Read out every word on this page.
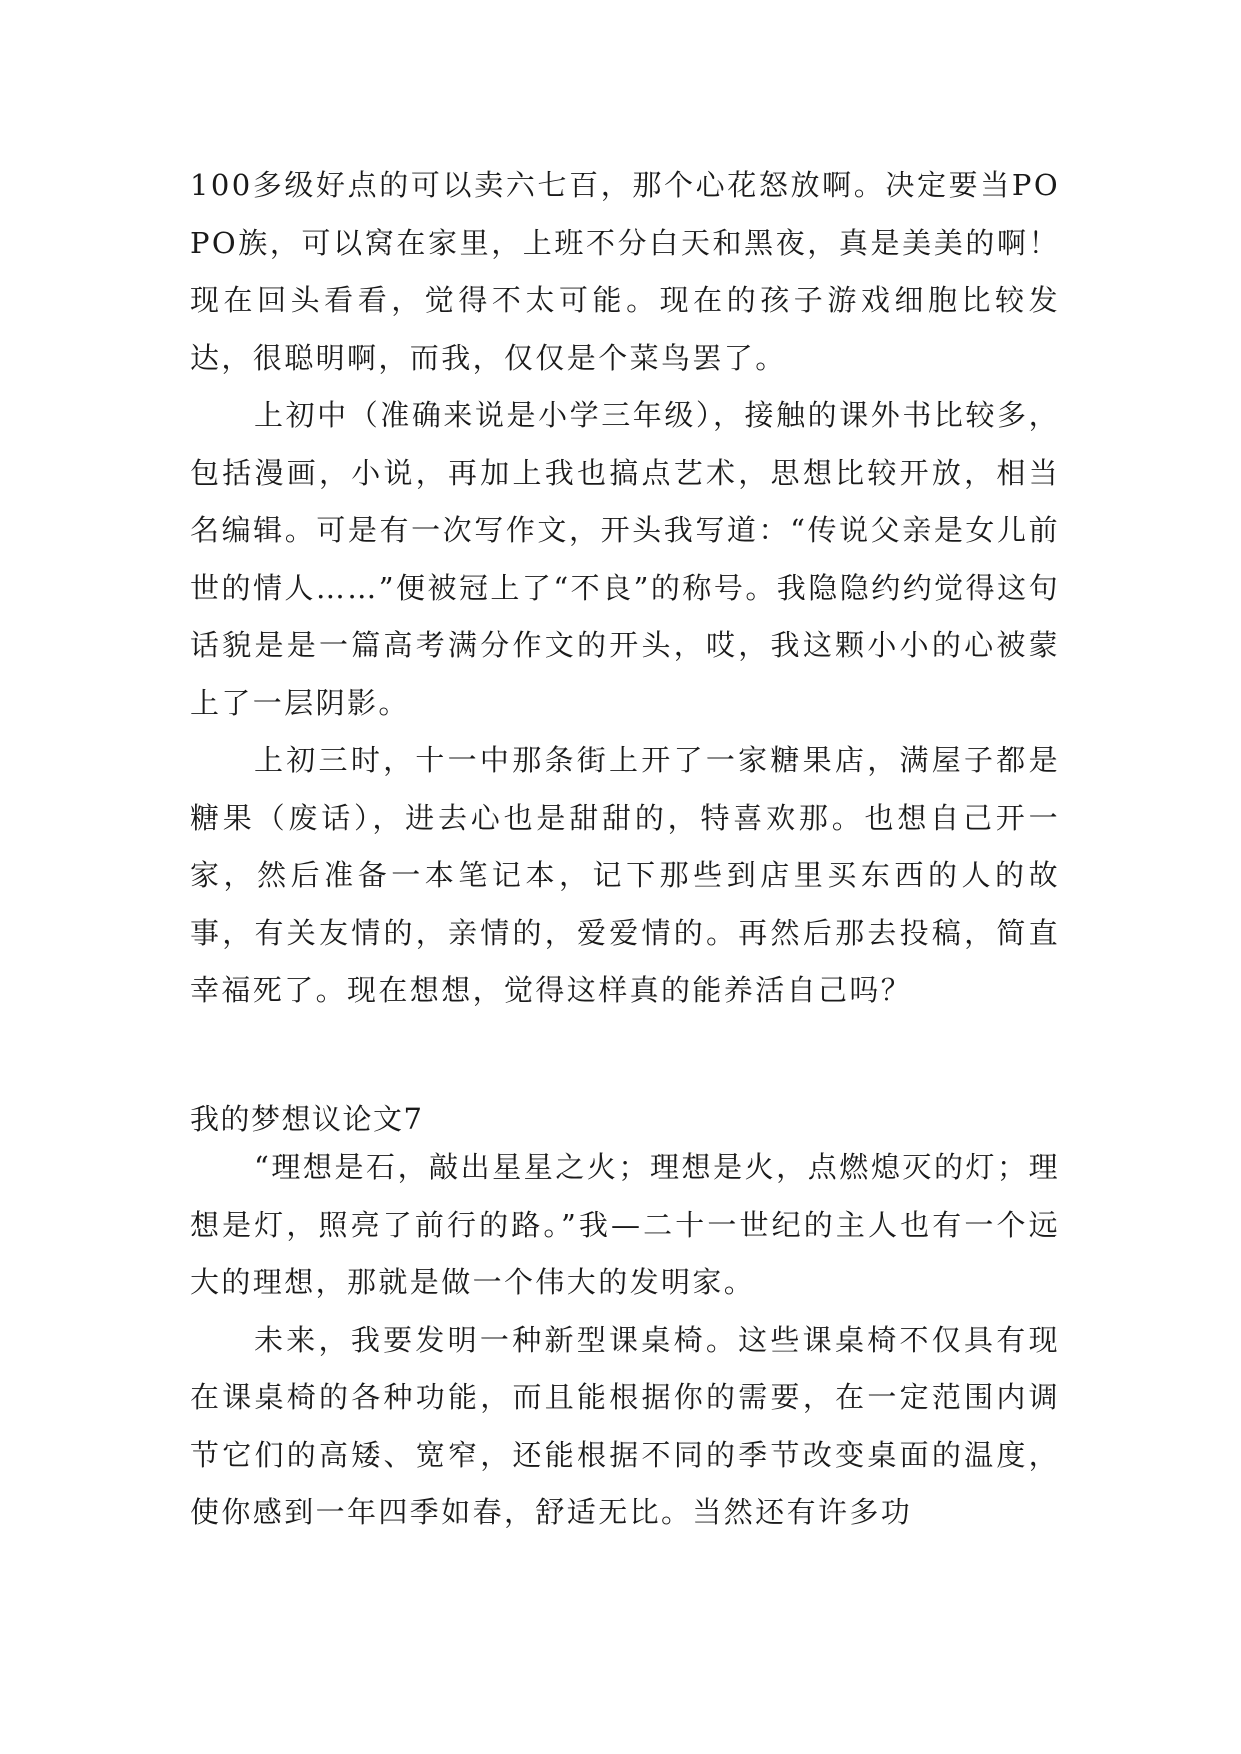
100多级好点的可以卖六七百，那个心花怒放啊。决定要当POPO族，可以窝在家里，上班不分白天和黑夜，真是美美的啊！现在回头看看，觉得不太可能。现在的孩子游戏细胞比较发达，很聪明啊，而我，仅仅是个菜鸟罢了。

上初中（准确来说是小学三年级），接触的课外书比较多，包括漫画，小说，再加上我也搞点艺术，思想比较开放，相当名编辑。可是有一次写作文，开头我写道：“传说父亲是女儿前世的情人……”便被冠上了“不良”的称号。我隐隐约约觉得这句话貌是是一篇高考满分作文的开头，哎，我这颗小小的心被蒙上了一层阴影。

上初三时，十一中那条街上开了一家糖果店，满屋子都是糖果（废话），进去心也是甜甜的，特喜欢那。也想自己开一家，然后准备一本笔记本，记下那些到店里买东西的人的故事，有关友情的，亲情的，爱爱情的。再然后那去投稿，简直幸福死了。现在想想，觉得这样真的能养活自己吗？

我的梦想议论文7

“理想是石，敲出星星之火；理想是火，点燃熄灭的灯；理想是灯，照亮了前行的路。”我—二十一世纪的主人也有一个远大的理想，那就是做一个伟大的发明家。

未来，我要发明一种新型课桌椅。这些课桌椅不仅具有现在课桌椅的各种功能，而且能根据你的需要，在一定范围内调节它们的高矮、宽窄，还能根据不同的季节改变桌面的温度，使你感到一年四季如春，舒适无比。当然还有许多功
